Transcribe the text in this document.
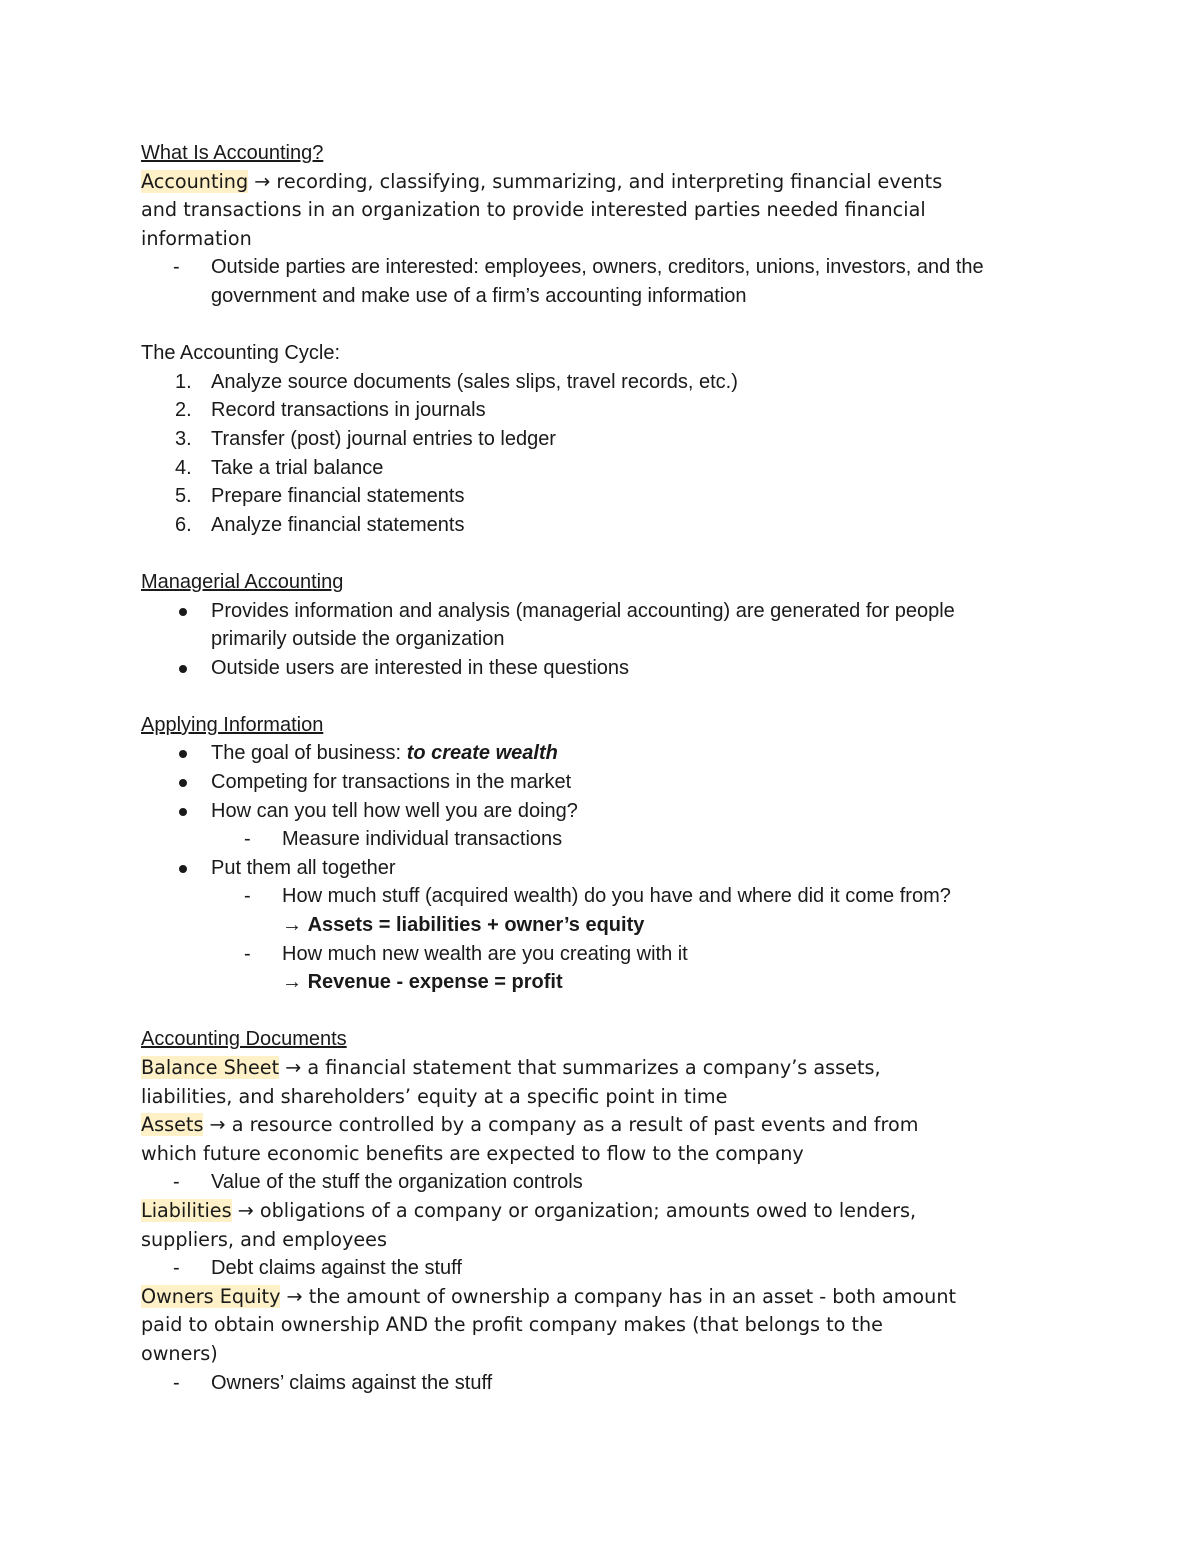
What Is Accounting?

Accounting → recording, classifying, summarizing, and interpreting financial events

and transactions in an organization to provide interested parties needed financial

information

-	Outside parties are interested: employees, owners, creditors, unions, investors, and the

government and make use of a firm’s accounting information

The Accounting Cycle:

1. Analyze source documents (sales slips, travel records, etc.)

2. Record transactions in journals

3. Transfer (post) journal entries to ledger

4. Take a trial balance

5. Prepare financial statements

6. Analyze financial statements

Managerial Accounting

Provides information and analysis (managerial accounting) are generated for people

primarily outside the organization

Outside users are interested in these questions

Applying Information

The goal of business: to create wealth

Competing for transactions in the market

How can you tell how well you are doing?

-	Measure individual transactions

Put them all together

-	How much stuff (acquired wealth) do you have and where did it come from?

→ Assets = liabilities + owner’s equity

-	How much new wealth are you creating with it

→ Revenue - expense = profit

Accounting Documents

Balance Sheet → a financial statement that summarizes a company’s assets,

liabilities, and shareholders’ equity at a specific point in time

Assets → a resource controlled by a company as a result of past events and from

which future economic benefits are expected to flow to the company

-	Value of the stuff the organization controls

Liabilities → obligations of a company or organization; amounts owed to lenders,

suppliers, and employees

-	Debt claims against the stuff

Owners Equity → the amount of ownership a company has in an asset - both amount

paid to obtain ownership AND the profit company makes (that belongs to the

owners)

-	Owners’ claims against the stuff
